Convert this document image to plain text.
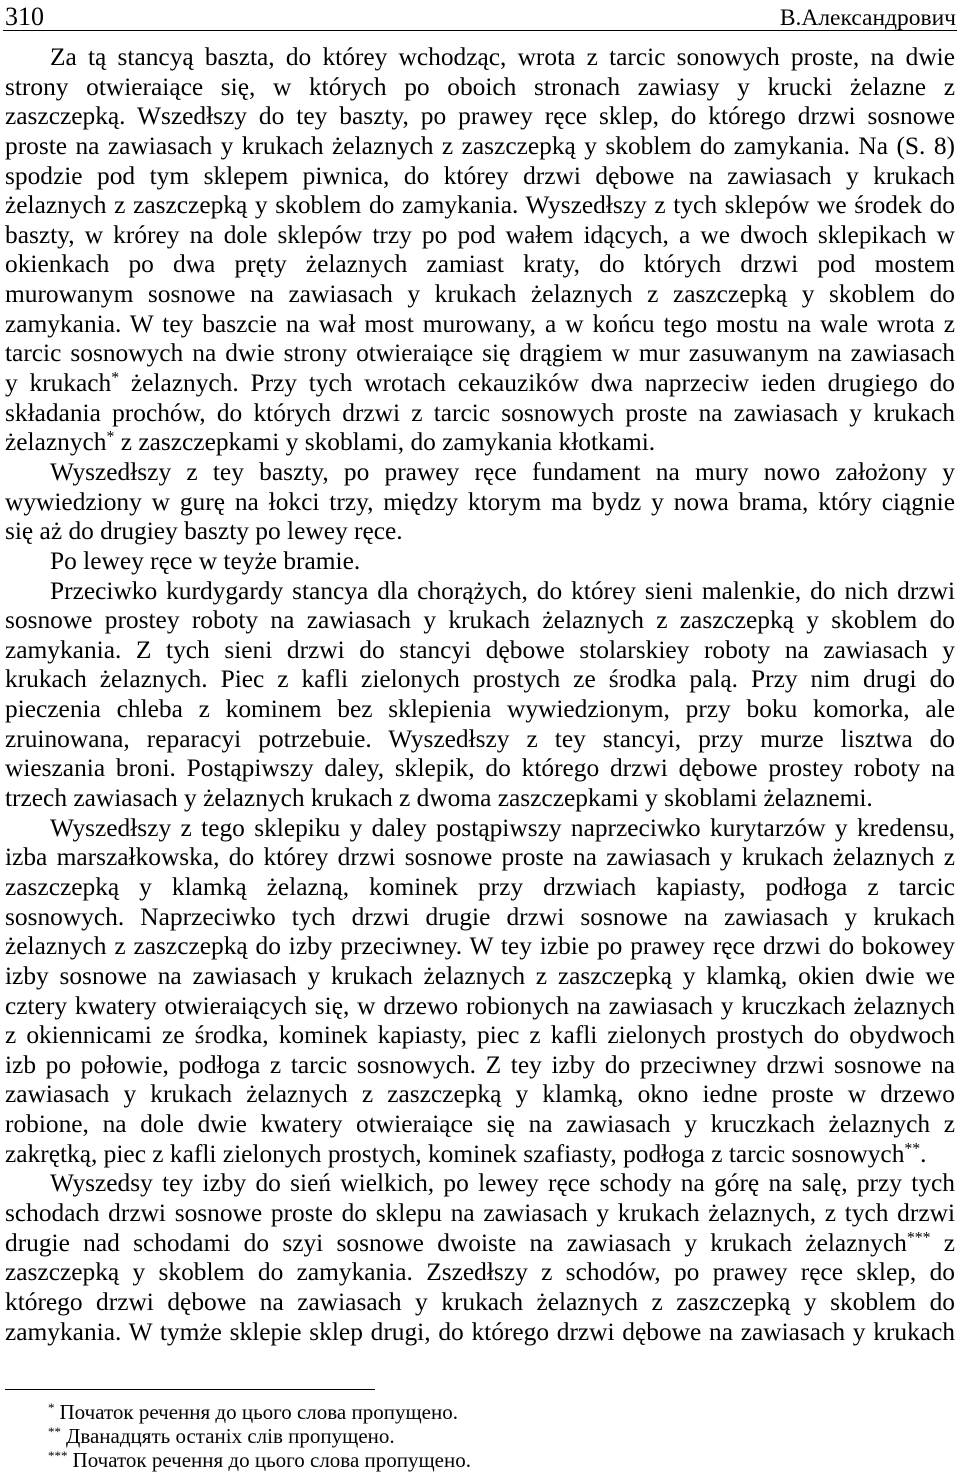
310	В.Александрович
Za tą stancyą baszta, do którey wchodząc, wrota z tarcic sonowych proste, na dwie
strony otwieraiące się, w których po oboich stronach zawiasy y krucki żelazne z
zaszczepką. Wszedłszy do tey baszty, po prawey ręce sklep, do którego drzwi sosnowe
proste na zawiasach y krukach żelaznych z zaszczepką y skoblem do zamykania. Na (S. 8)
spodzie pod tym sklepem piwnica, do którey drzwi dębowe na zawiasach y krukach
żelaznych z zaszczepką y skoblem do zamykania. Wyszedłszy z tych sklepów we środek do
baszty, w krórey na dole sklepów trzy po pod wałem idących, a we dwoch sklepikach w
okienkach po dwa pręty żelaznych zamiast kraty, do których drzwi pod mostem
murowanym sosnowe na zawiasach y krukach żelaznych z zaszczepką y skoblem do
zamykania. W tey baszcie na wał most murowany, a w końcu tego mostu na wale wrota z
tarcic sosnowych na dwie strony otwieraiące się drągiem w mur zasuwanym na zawiasach
y krukach* żelaznych. Przy tych wrotach cekauzików dwa naprzeciw ieden drugiego do
składania prochów, do których drzwi z tarcic sosnowych proste na zawiasach y krukach
żelaznych* z zaszczepkami y skoblami, do zamykania kłotkami.
Wyszedłszy z tey baszty, po prawey ręce fundament na mury nowo założony y
wywiedziony w gurę na łokci trzy, między ktorym ma bydz y nowa brama, który ciągnie
się aż do drugiey baszty po lewey ręce.
Po lewey ręce w teyże bramie.
Przeciwko kurdygardy stancya dla chorążych, do którey sieni malenkie, do nich drzwi
sosnowe prostey roboty na zawiasach y krukach żelaznych z zaszczepką y skoblem do
zamykania. Z tych sieni drzwi do stancyi dębowe stolarskiey roboty na zawiasach y
krukach żelaznych. Piec z kafli zielonych prostych ze środka palą. Przy nim drugi do
pieczenia chleba z kominem bez sklepienia wywiedzionym, przy boku komorka, ale
zruinowana, reparacyi potrzebuie. Wyszedłszy z tey stancyi, przy murze lisztwa do
wieszania broni. Postąpiwszy daley, sklepik, do którego drzwi dębowe prostey roboty na
trzech zawiasach y żelaznych krukach z dwoma zaszczepkami y skoblami żelaznemi.
Wyszedłszy z tego sklepiku y daley postąpiwszy naprzeciwko kurytarzów y kredensu,
izba marszałkowska, do którey drzwi sosnowe proste na zawiasach y krukach żelaznych z
zaszczepką y klamką żelazną, kominek przy drzwiach kapiasty, podłoga z tarcic
sosnowych. Naprzeciwko tych drzwi drugie drzwi sosnowe na zawiasach y krukach
żelaznych z zaszczepką do izby przeciwney. W tey izbie po prawey ręce drzwi do bokowey
izby sosnowe na zawiasach y krukach żelaznych z zaszczepką y klamką, okien dwie we
cztery kwatery otwieraiących się, w drzewo robionych na zawiasach y kruczkach żelaznych
z okiennicami ze środka, kominek kapiasty, piec z kafli zielonych prostych do obydwoch
izb po połowie, podłoga z tarcic sosnowych. Z tey izby do przeciwney drzwi sosnowe na
zawiasach y krukach żelaznych z zaszczepką y klamką, okno iedne proste w drzewo
robione, na dole dwie kwatery otwieraiące się na zawiasach y kruczkach żelaznych z
zakrętką, piec z kafli zielonych prostych, kominek szafiasty, podłoga z tarcic sosnowych**.
Wyszedsy tey izby do sień wielkich, po lewey ręce schody na górę na salę, przy tych
schodach drzwi sosnowe proste do sklepu na zawiasach y krukach żelaznych, z tych drzwi
drugie nad schodami do szyi sosnowe dwoiste na zawiasach y krukach żelaznych*** z
zaszczepką y skoblem do zamykania. Zszedłszy z schodów, po prawey ręce sklep, do
którego drzwi dębowe na zawiasach y krukach żelaznych z zaszczepką y skoblem do
zamykania. W tymże sklepie sklep drugi, do którego drzwi dębowe na zawiasach y krukach
* Початок речення до цього слова пропущено.
** Дванадцять останіх слів пропущено.
*** Початок речення до цього слова пропущено.
